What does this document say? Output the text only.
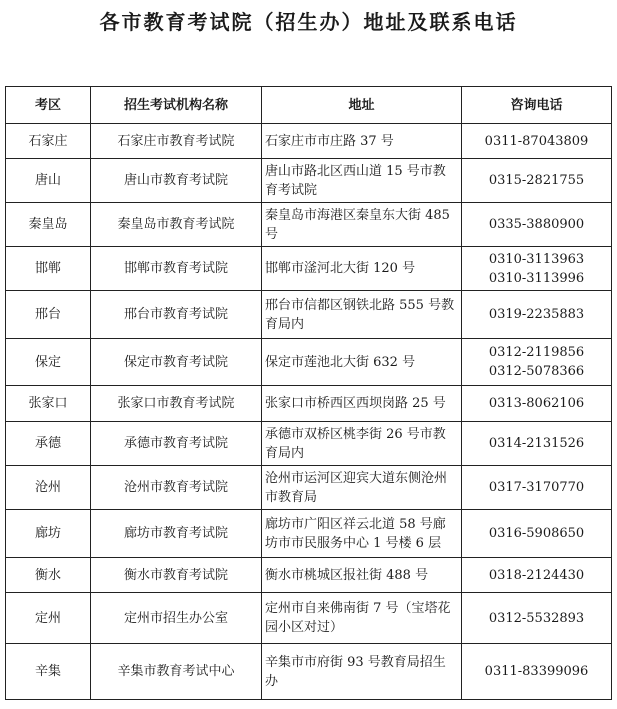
各市教育考试院（招生办）地址及联系电话
考区	招生考试机构名称	地址	咨询电话
石家庄	石家庄市教育考试院	石家庄市市庄路 37 号	0311-87043809

唐山	唐山市教育考试院	唐山市路北区西山道 15 号市教育考试院	0315-2821755

秦皇岛	秦皇岛市教育考试院	秦皇岛市海港区秦皇东大街 485 号	0335-3880900

邯郸	邯郸市教育考试院	邯郸市滏河北大街 120 号	0310-3113963
0310-3113996

邢台	邢台市教育考试院	邢台市信都区钢铁北路 555 号教育局内	0319-2235883

保定	保定市教育考试院	保定市莲池北大街 632 号	0312-2119856
0312-5078366

张家口	张家口市教育考试院	张家口市桥西区西坝岗路 25 号	0313-8062106

承德	承德市教育考试院	承德市双桥区桃李街 26 号市教育局内	0314-2131526

沧州	沧州市教育考试院	沧州市运河区迎宾大道东侧沧州市教育局	0317-3170770

廊坊	廊坊市教育考试院	廊坊市广阳区祥云北道 58 号廊坊市市民服务中心 1 号楼 6 层	0316-5908650

衡水	衡水市教育考试院	衡水市桃城区报社街 488 号	0318-2124430

定州	定州市招生办公室	定州市自来佛南街 7 号（宝塔花园小区对过）	0312-5532893

辛集	辛集市教育考试中心	辛集市市府街 93 号教育局招生办	0311-83399096
